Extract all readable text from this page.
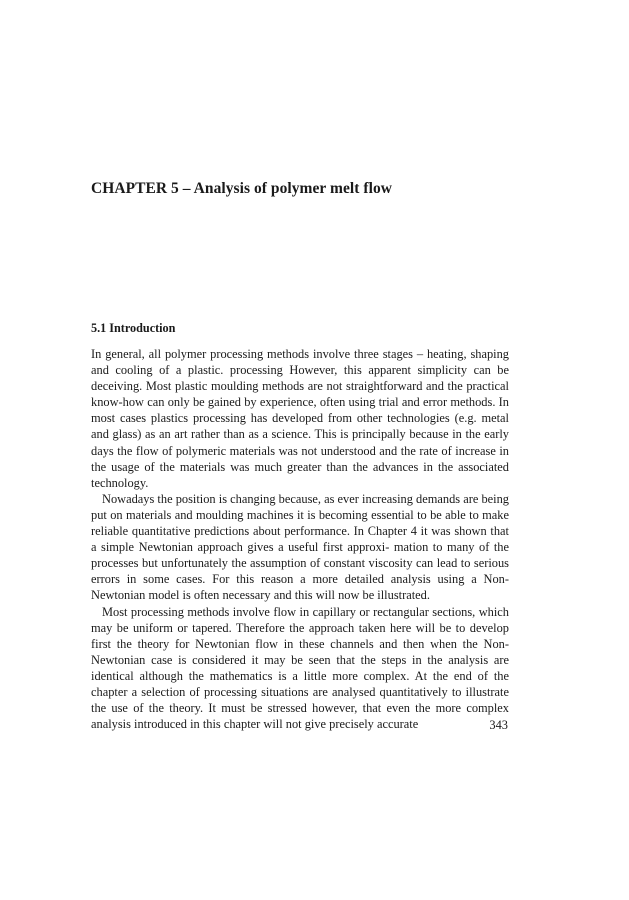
CHAPTER 5 – Analysis of polymer melt flow
5.1 Introduction

In general, all polymer processing methods involve three stages – heating, shaping and cooling of a plastic. processing However, this apparent simplicity can be deceiving. Most plastic moulding methods are not straightforward and the practical know-how can only be gained by experience, often using trial and error methods. In most cases plastics processing has developed from other technologies (e.g. metal and glass) as an art rather than as a science. This is principally because in the early days the flow of polymeric materials was not understood and the rate of increase in the usage of the materials was much greater than the advances in the associated technology.

Nowadays the position is changing because, as ever increasing demands are being put on materials and moulding machines it is becoming essential to be able to make reliable quantitative predictions about performance. In Chapter 4 it was shown that a simple Newtonian approach gives a useful first approxi- mation to many of the processes but unfortunately the assumption of constant viscosity can lead to serious errors in some cases. For this reason a more detailed analysis using a Non-Newtonian model is often necessary and this will now be illustrated.

Most processing methods involve flow in capillary or rectangular sections, which may be uniform or tapered. Therefore the approach taken here will be to develop first the theory for Newtonian flow in these channels and then when the Non-Newtonian case is considered it may be seen that the steps in the analysis are identical although the mathematics is a little more complex. At the end of the chapter a selection of processing situations are analysed quantitatively to illustrate the use of the theory. It must be stressed however, that even the more complex analysis introduced in this chapter will not give precisely accurate	343
